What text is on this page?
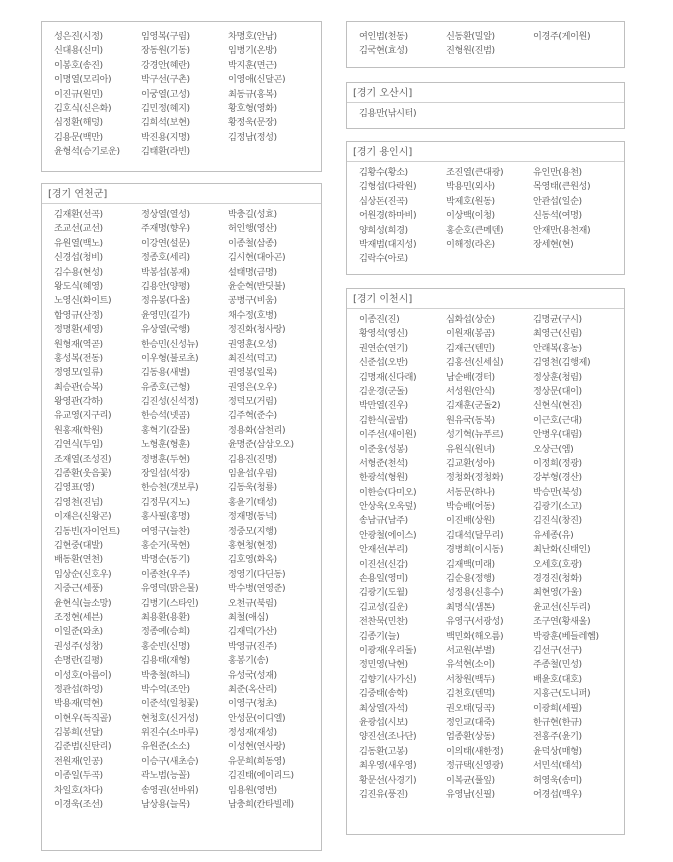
성은진(시정)	임영복(구림)	차명호(안남)
신대용(신미)	장동원(기동)	임병기(온방)
이봉호(송진)	강경안(혜란)	박지훈(면근)
이명열(모리아)	박구선(구촌)	이영애(신달곤)
이진규(원민)	이궁열(고성)	최동규(홍복)
김호식(신은화)	김민정(혜지)	황호형(영화)
심정환(해덩)	김희석(보현)	황정욱(문장)
김용문(백만)	박진용(지명)	김정남(정성)
윤형석(승기로운)	김태환(라빈)
[경기 연천군]
김재환(선곡)	정상열(열성)	박충길(성효)
조교선(교선)	주재명(향우)	허인행(영산)
유원열(백노)	이강연(설문)	이종철(삼종)
신경섭(청비)	정종호(세리)	김시현(대아곤)
김수용(현성)	박봉섭(봉재)	설태명(금명)
왕도식(혜영)	김용안(양평)	윤순혁(반딧불)
노영신(화이트)	정유봉(다올)	공병구(비움)
함영규(산정)	윤영민(길가)	채수정(호병)
정명환(세영)	유상열(국행)	정진화(청사랑)
원형재(역곧)	한승민(신성뉴)	권영훈(오성)
홍성복(전동)	이우형(불로초)	최진석(덕고)
정영모(일류)	김동용(새별)	권영봉(일록)
최승관(승복)	유종호(근형)	권영은(오우)
왕영관(각하)	김진성(신석정)	정덕모(거림)
유교영(지구리)	한승석(넷곰)	김주혁(준수)
원홍재(학원)	홍혁기(갈몰)	정용화(삼천리)
김연식(두임)	노형훈(형훈)	윤명준(삼삼오오)
조재열(조성진)	정병훈(두현)	김용진(진명)
김종환(웃음꽃)	장일섭(석장)	임윤섭(우림)
김영표(영)	한승천(갯보루)	김동욱(청룡)
김영천(진넘)	김정무(지노)	홍윤기(태성)
이재은(신왕곤)	홍사필(홍명)	정재명(동넉)
김동빈(자이언트)	여영구(늘찬)	정중모(지행)
김현중(대발)	홍순거(묵현)	홍현청(현정)
배동환(연천)	박명순(동기)	김호영(화옥)
임상순(신호우)	이종찬(우주)	정영기(다딘동)
지중근(세풍)	유영덕(맑은물)	박수병(연영준)
윤현식(늘소망)	김병기(스타인)	오천규(북림)
조정현(세븐)	최용환(용환)	최철(애심)
이일준(와초)	정종예(승희)	김재덕(가산)
권성주(성창)	홍순빈(신명)	박영규(진주)
손명란(길평)	김용태(재형)	홍봉기(송)
이성호(아름이)	박충철(하늬)	유성국(성재)
정관섭(하엉)	박수억(조안)	최준(옥산리)
박용재(덕현)	이준석(일청꽃)	이영구(청초)
이현우(독직골)	현청호(신거성)	안성문(이디엘)
김봉희(선달)	위진수(소마루)	정성재(재성)
김준범(신탄리)	유원준(소소)	이성현(연사랑)
전원재(인공)	이승구(새초승)	유문희(희동영)
이종일(두곡)	곽노범(능꼴)	김진태(에이리드)
차일호(차다)	송영권(선바위)	임용원(영번)
이경욱(조선)	남상용(늘목)	남충희(칸타빌레)
여인범(천동)	신동환(밀알)	이경주(게이원)
김국현(효성)	진형원(진범)
[경기 오산시]
김용만(낚시터)
[경기 용인시]
김황수(황소)	조진열(큰대광)	유인만(용천)
김형섭(다락원)	박용민(외사)	목영태(큰원성)
심상돈(진곡)	박제호(원동)	안관섭(일순)
어원경(하마비)	이상백(이청)	신동석(여명)
양희성(희경)	홍순호(큰메덴)	안재만(용천재)
박재범(대지성)	이해정(라온)	장세현(현)
김락수(아로)
[경기 이천시]
이종진(진)	심화섭(상순)	김명균(구시)
황영석(영신)	이원재(봉곰)	최영근(신림)
권연순(연기)	김재근(텐민)	안래복(홍농)
신준섭(오반)	김홍선(신세실)	김영천(김행제)
김명재(신다래)	남순배(경터)	정상훈(청림)
김운경(군돌)	서성원(안식)	정상문(대이)
박만열(진우)	김재훈(군돌2)	신현식(현진)
김한식(골밥)	원유국(동복)	이근호(근대)
이주선(새이원)	성기혁(뉴푸르)	안병우(대림)
이준웅(성봉)	유원식(원녀)	오상근(엠)
서형준(천석)	김교환(성아)	이정희(정광)
한광석(형원)	정청화(정청화)	강부형(경산)
이한승(다미오)	서동문(하나)	박승만(북성)
안상욱(오욱덮)	박승배(어동)	김광기(소고)
송남규(남주)	이진배(상원)	김진식(창진)
안광철(에이스)	김대석(달무리)	유세종(유)
안재선(부리)	경병희(이시동)	최난화(신태인)
이진선(신감)	김재백(미래)	오세호(호광)
손용일(영미)	김순용(정행)	경경진(청화)
김광기(도월)	성정용(신흥수)	최현영(가울)
김교성(길운)	최명식(샘톤)	윤교선(신두리)
전찬묵(민찬)	유영구(서광성)	조구연(황새울)
김종기(늘)	백민화(해오름)	박광훈(베들레헴)
이광재(우리돌)	서교원(부별)	김선구(선구)
정민영(낙현)	유석현(소이)	주종철(민성)
김향기(사가신)	서창원(백두)	배윤호(대호)
김중태(송학)	김천호(텐먹)	지홍근(도니퍼)
최상열(자석)	권오태(딩곡)	이광희(세필)
윤광섭(시보)	정인교(대죽)	한규현(한규)
양진선(조나단)	엄종환(상동)	전홍주(윤기)
김동환(고봉)	이의태(새한정)	윤덕상(매형)
최우영(새우영)	정규택(신영광)	서민석(태석)
황문선(사경기)	이복균(풀잎)	허영욱(송미)
김진유(풍진)	유영남(신필)	어경섭(백우)
